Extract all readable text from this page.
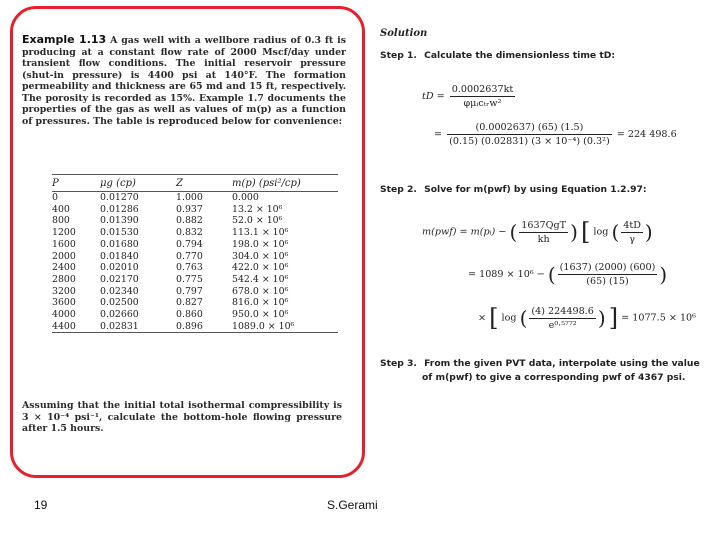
Example 1.13 A gas well with a wellbore radius of 0.3 ft is producing at a constant flow rate of 2000 Mscf/day under transient flow conditions. The initial reservoir pressure (shut-in pressure) is 4400 psi at 140°F. The formation permeability and thickness are 65 md and 15 ft, respectively. The porosity is recorded as 15%. Example 1.7 documents the properties of the gas as well as values of m(p) as a function of pressures. The table is reproduced below for convenience:

P	μg (cp)	Z	m(p) (psi²/cp)
0	0.01270	1.000	0.000
400	0.01286	0.937	13.2 × 10⁶
800	0.01390	0.882	52.0 × 10⁶
1200	0.01530	0.832	113.1 × 10⁶
1600	0.01680	0.794	198.0 × 10⁶
2000	0.01840	0.770	304.0 × 10⁶
2400	0.02010	0.763	422.0 × 10⁶
2800	0.02170	0.775	542.4 × 10⁶
3200	0.02340	0.797	678.0 × 10⁶
3600	0.02500	0.827	816.0 × 10⁶
4000	0.02660	0.860	950.0 × 10⁶
4400	0.02831	0.896	1089.0 × 10⁶

Assuming that the initial total isothermal compressibility is 3 × 10⁻⁴ psi⁻¹, calculate the bottom-hole flowing pressure after 1.5 hours.

Solution
Step 1. Calculate the dimensionless time tD:
tD = $\frac{0.0002637kt}{\text{φμᵢcₜᵣw²}}$
= $\frac{(0.0002637) (65) (1.5)}{\text{(0.15) (0.02831) (3 × 10⁻⁴) (0.3²)}} = 224$ 498.6
Step 2. Solve for m(pwf) by using Equation 1.2.97:
m(pwf) = m(pᵢ) − ( $\frac{\text{1637QgT}}{kh}$ ) [ log ( $\frac{4tD}{\gamma}$ )
= 1089 × 10⁶ − ( $\frac{(1637) (2000) (600)}{(65) (15)}$ )
× [ log ( $\frac{(4) 224498.6}{\text{e⁰·⁵⁷⁷²}}$ ) ] = 1077.5 × 10⁶
Step 3. From the given PVT data, interpolate using the value
of m(pwf) to give a corresponding pwf of 4367 psi.
19	S.Gerami
